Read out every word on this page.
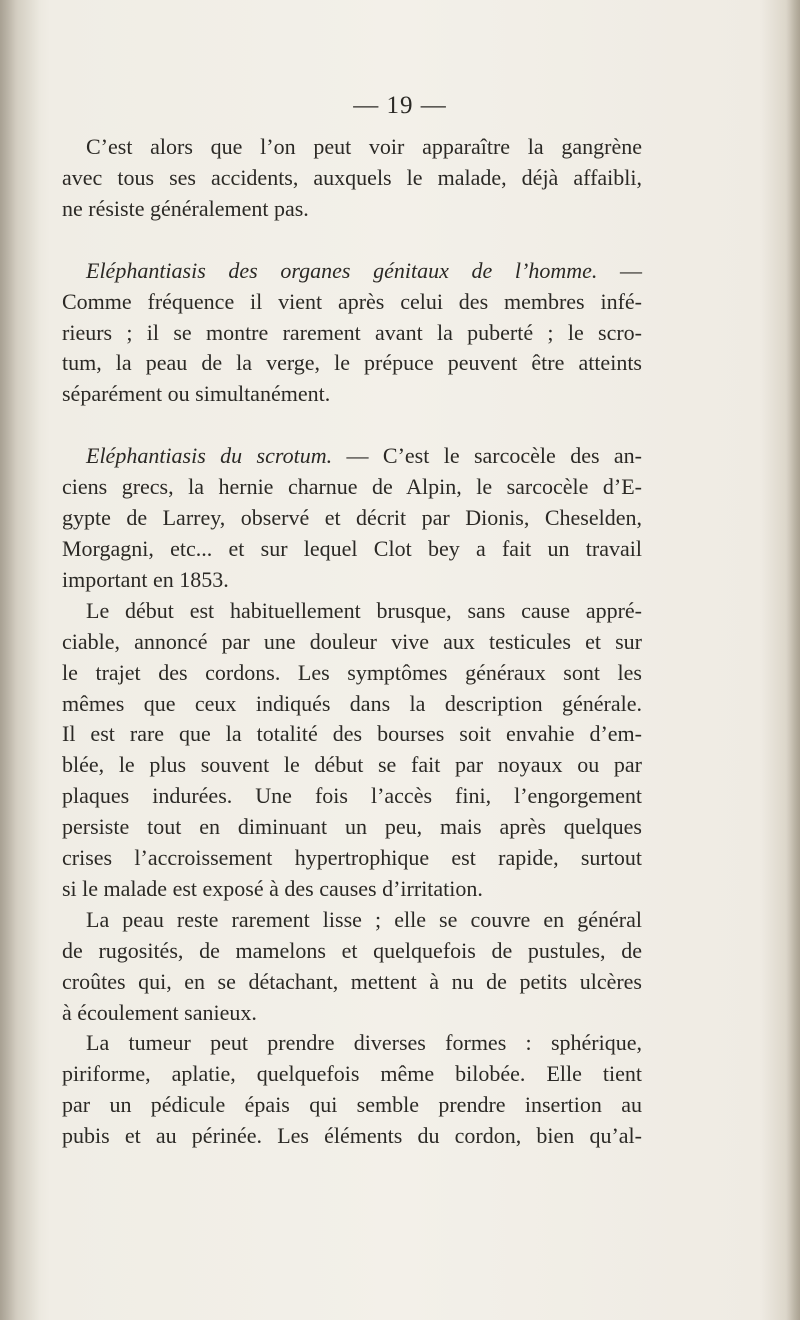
— 19 —

C’est alors que l’on peut voir apparaître la gangrène

avec tous ses accidents, auxquels le malade, déjà affaibli,

ne résiste généralement pas.

Eléphantiasis des organes génitaux de l’homme. —

Comme fréquence il vient après celui des membres infé-

rieurs ; il se montre rarement avant la puberté ; le scro-

tum, la peau de la verge, le prépuce peuvent être atteints

séparément ou simultanément.

Eléphantiasis du scrotum. — C’est le sarcocèle des an-

ciens grecs, la hernie charnue de Alpin, le sarcocèle d’E-

gypte de Larrey, observé et décrit par Dionis, Cheselden,

Morgagni, etc... et sur lequel Clot bey a fait un travail

important en 1853.

Le début est habituellement brusque, sans cause appré-

ciable, annoncé par une douleur vive aux testicules et sur

le trajet des cordons. Les symptômes généraux sont les

mêmes que ceux indiqués dans la description générale.

Il est rare que la totalité des bourses soit envahie d’em-

blée, le plus souvent le début se fait par noyaux ou par

plaques indurées. Une fois l’accès fini, l’engorgement

persiste tout en diminuant un peu, mais après quelques

crises l’accroissement hypertrophique est rapide, surtout

si le malade est exposé à des causes d’irritation.

La peau reste rarement lisse ; elle se couvre en général

de rugosités, de mamelons et quelquefois de pustules, de

croûtes qui, en se détachant, mettent à nu de petits ulcères

à écoulement sanieux.

La tumeur peut prendre diverses formes : sphérique,

piriforme, aplatie, quelquefois même bilobée. Elle tient

par un pédicule épais qui semble prendre insertion au

pubis et au périnée. Les éléments du cordon, bien qu’al-
